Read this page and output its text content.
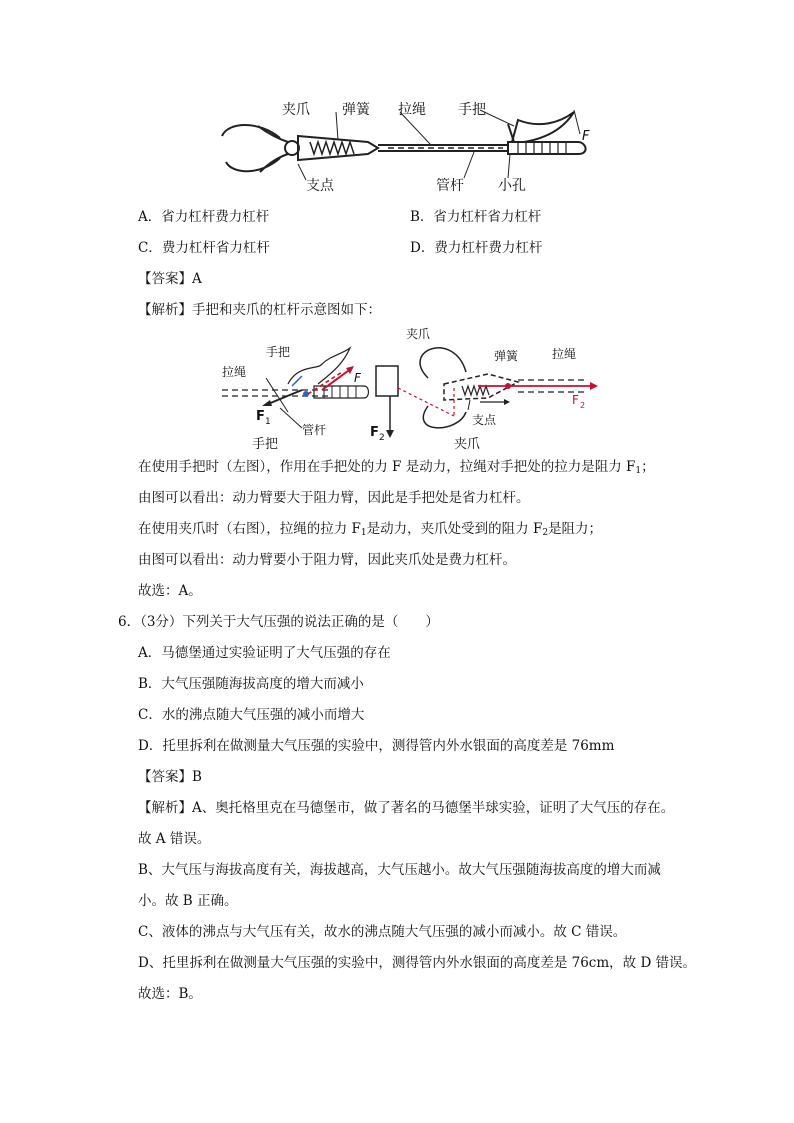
夹爪 弹簧 拉绳 手把
F
支点	管杆 小孔
A．省力杠杆费力杠杆	B．省力杠杆省力杠杆
C．费力杠杆省力杠杆	D．费力杠杆费力杠杆
【答案】A
【解析】手把和夹爪的杠杆示意图如下：
拉绳
手把
F
F 1
管杆
手把
夹爪
弹簧	拉绳
F 2
支点
F 2	夹爪
在使用手把时（左图），作用在手把处的力 F 是动力，拉绳对手把处的拉力是阻力 $F_1$；
由图可以看出：动力臂要大于阻力臂，因此是手把处是省力杠杆。
在使用夹爪时（右图），拉绳的拉力 $F_1$是动力，夹爪处受到的阻力 $F_2$是阻力；
由图可以看出：动力臂要小于阻力臂，因此夹爪处是费力杠杆。
故选：A。
6．（3分）下列关于大气压强的说法正确的是（　　）
A．马德堡通过实验证明了大气压强的存在
B．大气压强随海拔高度的增大而减小
C．水的沸点随大气压强的减小而增大
D．托里拆利在做测量大气压强的实验中，测得管内外水银面的高度差是 76mm
【答案】B
【解析】A、奥托格里克在马德堡市，做了著名的马德堡半球实验，证明了大气压的存在。
故 A 错误。
B、大气压与海拔高度有关，海拔越高，大气压越小。故大气压强随海拔高度的增大而减
小。故 B 正确。
C、液体的沸点与大气压有关，故水的沸点随大气压强的减小而减小。故 C 错误。
D、托里拆利在做测量大气压强的实验中，测得管内外水银面的高度差是 76cm，故 D 错误。
故选：B。
